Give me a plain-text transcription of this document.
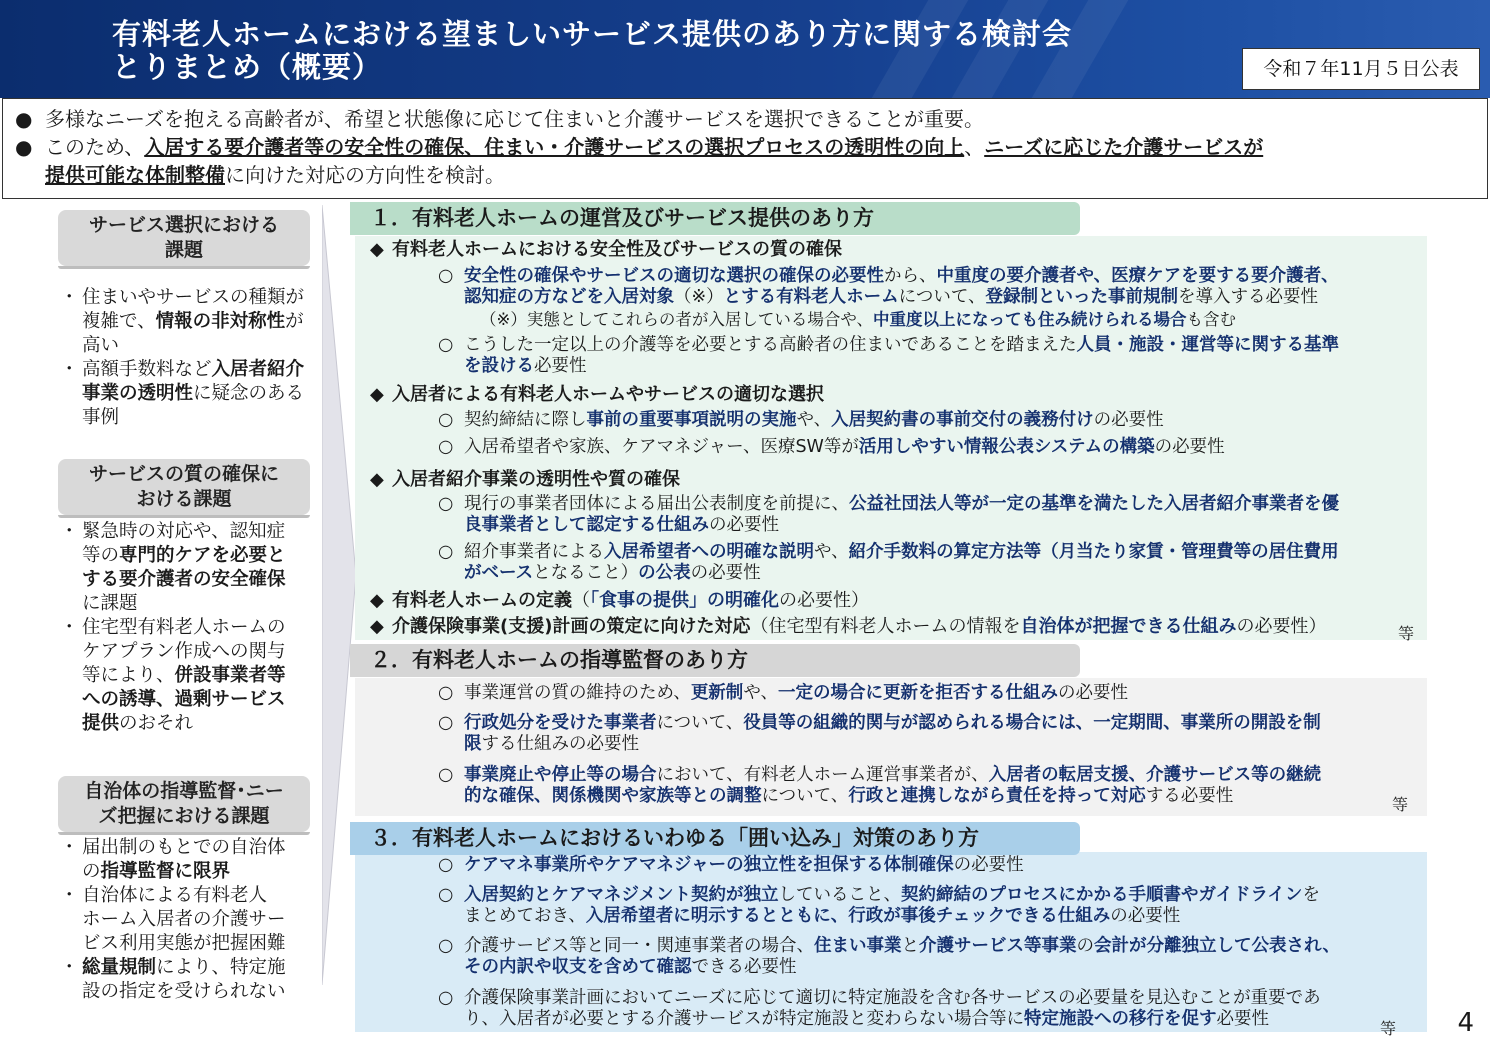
有料老人ホームにおける望ましいサービス提供のあり方に関する検討会
とりまとめ（概要）	令和７年11月５日公表
● 多様なニーズを抱える高齢者が、希望と状態像に応じて住まいと介護サービスを選択できることが重要。
● このため、入居する要介護者等の安全性の確保、住まい・介護サービスの選択プロセスの透明性の向上、ニーズに応じた介護サービスが
提供可能な体制整備に向けた対応の方向性を検討。
サービス選択における
課題
・ 住まいやサービスの種類が
複雑で、情報の非対称性が
高い
・ 高額手数料など入居者紹介
事業の透明性に疑念のある
事例
サービスの質の確保に
おける課題
・ 緊急時の対応や、認知症
等の専門的ケアを必要と
する要介護者の安全確保
に課題
・ 住宅型有料老人ホームの
ケアプラン作成への関与
等により、併設事業者等
への誘導、過剰サービス
提供のおそれ
自治体の指導監督･ニー
ズ把握における課題
・ 届出制のもとでの自治体
の指導監督に限界
・ 自治体による有料老人
ホーム入居者の介護サー
ビス利用実態が把握困難
・ 総量規制により、特定施
設の指定を受けられない
１．有料老人ホームの運営及びサービス提供のあり方
◆ 有料老人ホームにおける安全性及びサービスの質の確保
○ 安全性の確保やサービスの適切な選択の確保の必要性から、中重度の要介護者や、医療ケアを要する要介護者、
認知症の方などを入居対象（※）とする有料老人ホームについて、登録制といった事前規制を導入する必要性
（※）実態としてこれらの者が入居している場合や、中重度以上になっても住み続けられる場合も含む
○ こうした一定以上の介護等を必要とする高齢者の住まいであることを踏まえた人員・施設・運営等に関する基準
を設ける必要性
◆ 入居者による有料老人ホームやサービスの適切な選択
○ 契約締結に際し事前の重要事項説明の実施や、入居契約書の事前交付の義務付けの必要性
○ 入居希望者や家族、ケアマネジャー、医療SW等が活用しやすい情報公表システムの構築の必要性
◆ 入居者紹介事業の透明性や質の確保
○ 現行の事業者団体による届出公表制度を前提に、公益社団法人等が一定の基準を満たした入居者紹介事業者を優
良事業者として認定する仕組みの必要性
○ 紹介事業者による入居希望者への明確な説明や、紹介手数料の算定方法等（月当たり家賃・管理費等の居住費用
がベースとなること）の公表の必要性
◆ 有料老人ホームの定義（「食事の提供」の明確化の必要性）
◆ 介護保険事業(支援)計画の策定に向けた対応（住宅型有料老人ホームの情報を自治体が把握できる仕組みの必要性）	等
２．有料老人ホームの指導監督のあり方
○ 事業運営の質の維持のため、更新制や、一定の場合に更新を拒否する仕組みの必要性
○ 行政処分を受けた事業者について、役員等の組織的関与が認められる場合には、一定期間、事業所の開設を制
限する仕組みの必要性
○ 事業廃止や停止等の場合において、有料老人ホーム運営事業者が、入居者の転居支援、介護サービス等の継続
的な確保、関係機関や家族等との調整について、行政と連携しながら責任を持って対応する必要性	等
３．有料老人ホームにおけるいわゆる「囲い込み」対策のあり方
○ ケアマネ事業所やケアマネジャーの独立性を担保する体制確保の必要性
○ 入居契約とケアマネジメント契約が独立していること、契約締結のプロセスにかかる手順書やガイドラインを
まとめておき、入居希望者に明示するとともに、行政が事後チェックできる仕組みの必要性
○ 介護サービス等と同一・関連事業者の場合、住まい事業と介護サービス等事業の会計が分離独立して公表され、
その内訳や収支を含めて確認できる必要性
○ 介護保険事業計画においてニーズに応じて適切に特定施設を含む各サービスの必要量を見込むことが重要であ
り、入居者が必要とする介護サービスが特定施設と変わらない場合等に特定施設への移行を促す必要性	等 4
